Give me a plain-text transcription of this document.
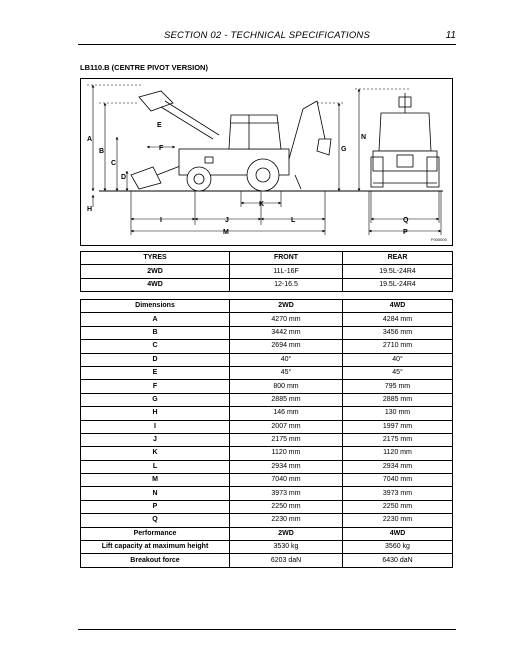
SECTION 02 - TECHNICAL SPECIFICATIONS	11
LB110.B (CENTRE PIVOT VERSION)
A
B
C
D
E
F	G
H
I	J
K
L
M
N
P
Q
F000000
TYRES	FRONT	REAR
2WD	11L-16F	19.5L-24R4
4WD	12-16.5	19.5L-24R4
Dimensions	2WD	4WD
A	4270 mm	4284 mm
B	3442 mm	3456 mm
C	2694 mm	2710 mm
D	40°	40°
E	45°	45°
F	800 mm	795 mm
G	2885 mm	2885 mm
H	146 mm	130 mm
I	2007 mm	1997 mm
J	2175 mm	2175 mm
K	1120 mm	1120 mm
L	2934 mm	2934 mm
M	7040 mm	7040 mm
N	3973 mm	3973 mm
P	2250 mm	2250 mm
Q	2230 mm	2230 mm
Performance	2WD	4WD
Lift capacity at maximum height	3530 kg	3560 kg
Breakout force	6203 daN	6430 daN
